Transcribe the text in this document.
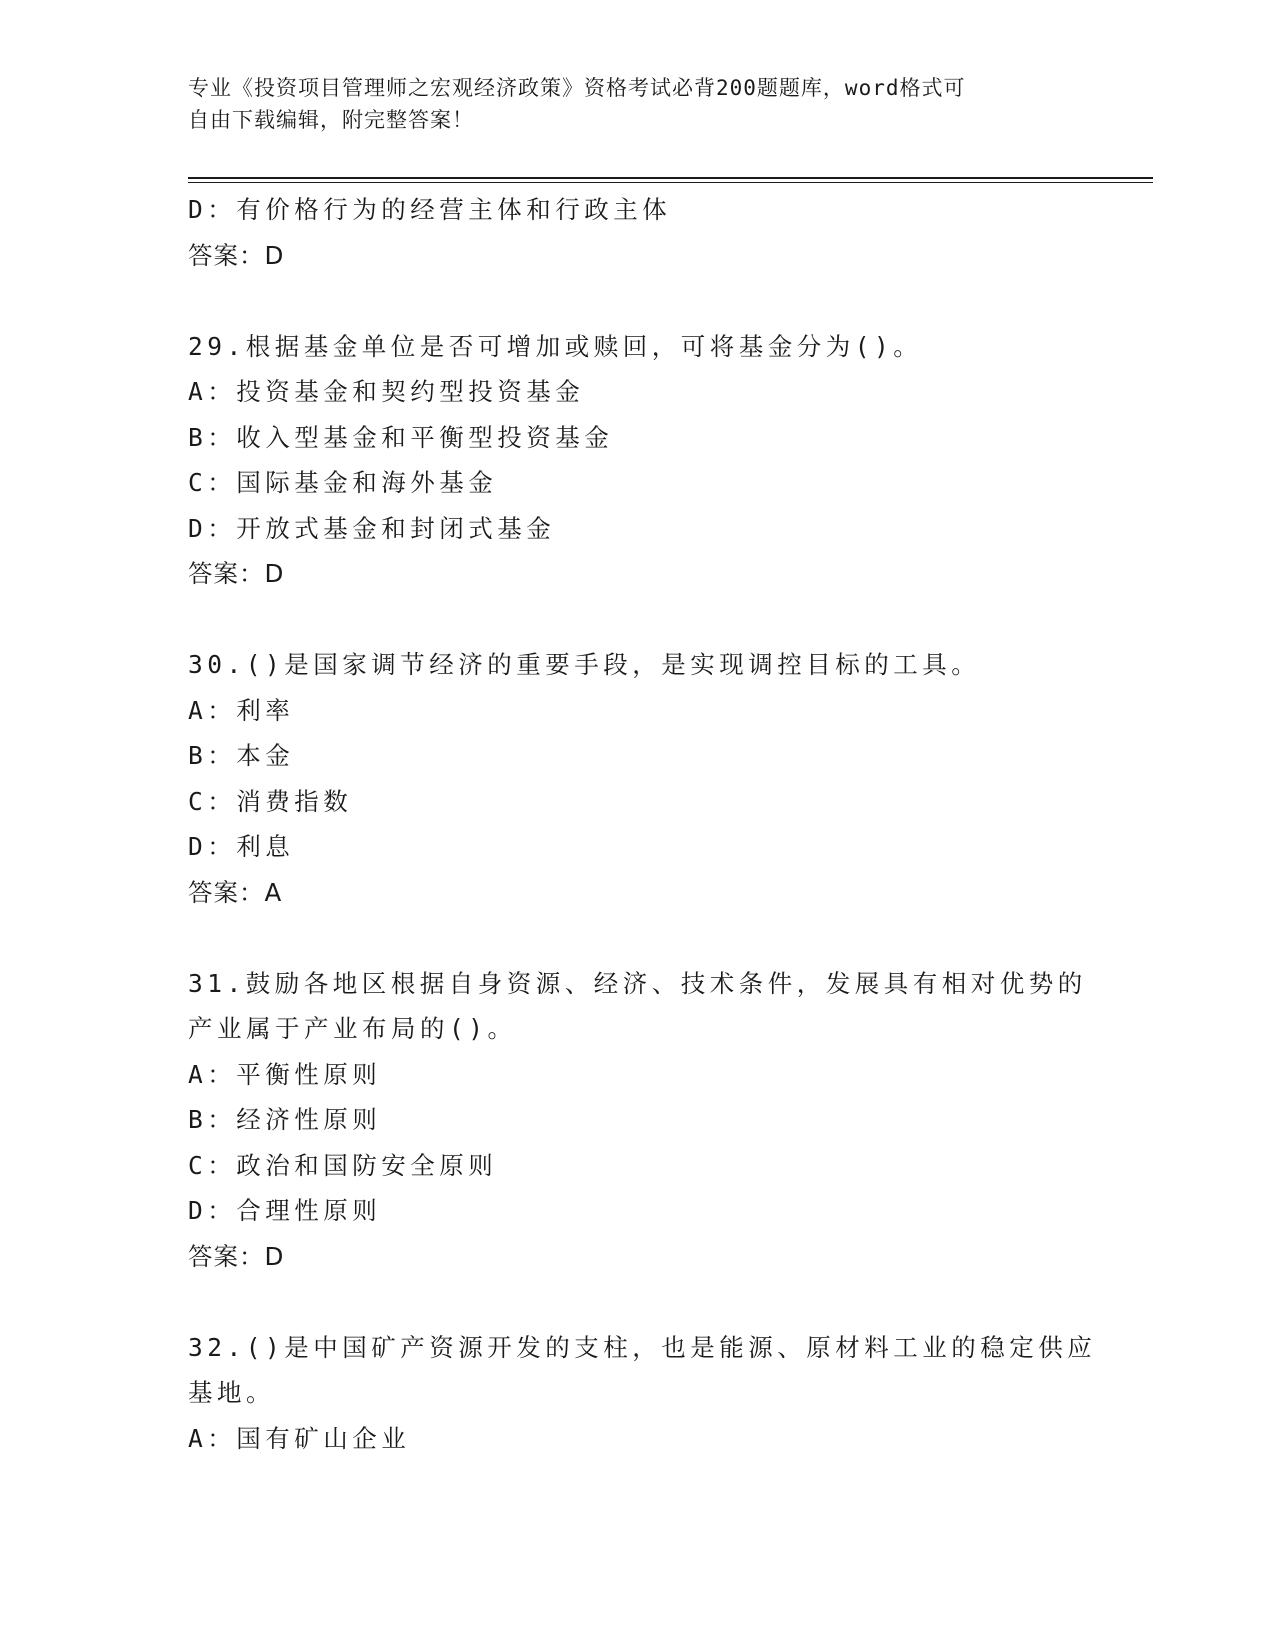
专业《投资项目管理师之宏观经济政策》资格考试必背200题题库，word格式可
自由下载编辑，附完整答案！
D：有价格行为的经营主体和行政主体
答案：D
29.根据基金单位是否可增加或赎回，可将基金分为()。
A：投资基金和契约型投资基金
B：收入型基金和平衡型投资基金
C：国际基金和海外基金
D：开放式基金和封闭式基金
答案：D
30.()是国家调节经济的重要手段，是实现调控目标的工具。
A：利率
B：本金
C：消费指数
D：利息
答案：A
31.鼓励各地区根据自身资源、经济、技术条件，发展具有相对优势的
产业属于产业布局的()。
A：平衡性原则
B：经济性原则
C：政治和国防安全原则
D：合理性原则
答案：D
32.()是中国矿产资源开发的支柱，也是能源、原材料工业的稳定供应
基地。
A：国有矿山企业
